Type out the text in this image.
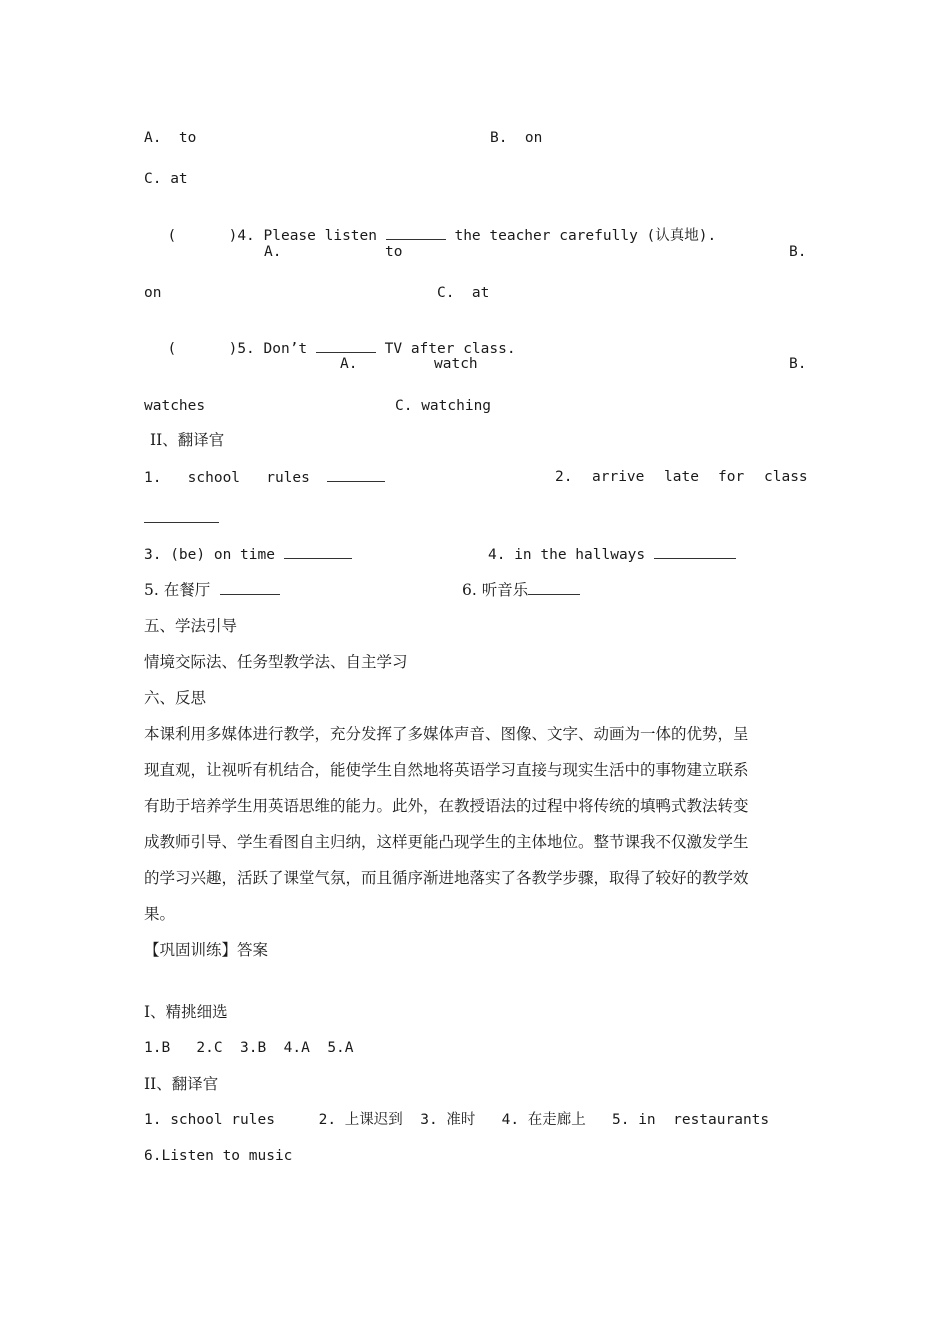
A.  to	B.  on
C. at

(      )4. Please listen	the teacher carefully (认真地).

A.	to	B.
on	C.  at

(      )5. Don’t	TV after class.

A.	watch	B.
watches	C. watching
II、翻译官
1.   school   rules	2. arrive late for class
3. (be) on time	4. in the hallways
5. 在餐厅	6. 听音乐
五、学法引导
情境交际法、任务型教学法、自主学习
六、反思
本课利用多媒体进行教学，充分发挥了多媒体声音、图像、文字、动画为一体的优势，呈
现直观，让视听有机结合，能使学生自然地将英语学习直接与现实生活中的事物建立联系
有助于培养学生用英语思维的能力。此外，在教授语法的过程中将传统的填鸭式教法转变
成教师引导、学生看图自主归纳，这样更能凸现学生的主体地位。整节课我不仅激发学生
的学习兴趣，活跃了课堂气氛，而且循序渐进地落实了各教学步骤，取得了较好的教学效
果。
【巩固训练】答案
I、精挑细选
1.B   2.C  3.B  4.A  5.A
II、翻译官
1. school rules     2. 上课迟到  3. 准时   4. 在走廊上   5. in  restaurants
6.Listen to music
